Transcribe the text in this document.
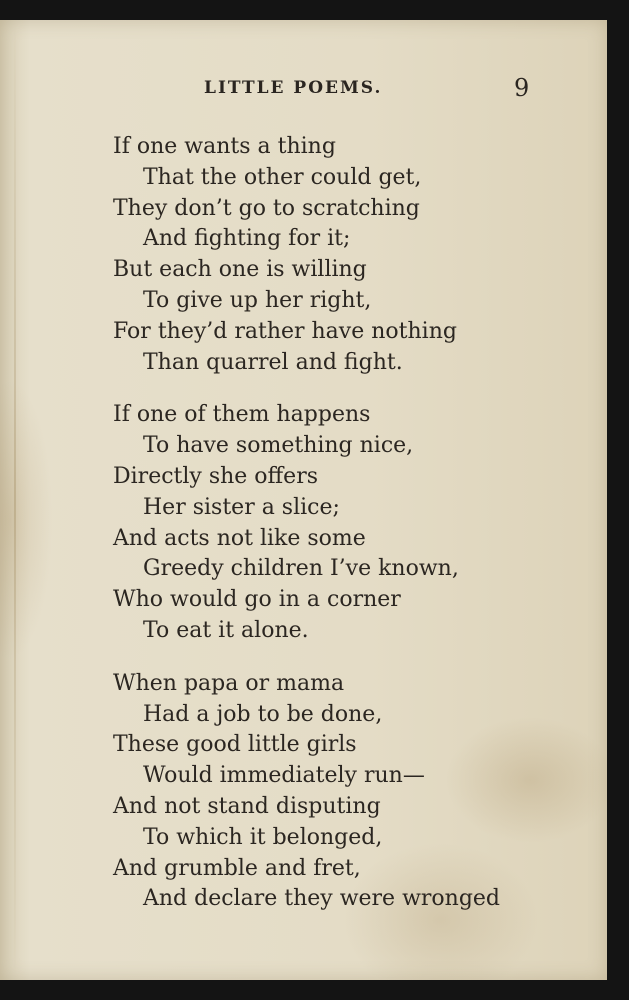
LITTLE POEMS.	9
If one wants a thing
That the other could get,
They don’t go to scratching
And fighting for it;
But each one is willing
To give up her right,
For they’d rather have nothing
Than quarrel and fight.
If one of them happens
To have something nice,
Directly she offers
Her sister a slice;
And acts not like some
Greedy children I’ve known,
Who would go in a corner
To eat it alone.
When papa or mama
Had a job to be done,
These good little girls
Would immediately run—
And not stand disputing
To which it belonged,
And grumble and fret,
And declare they were wronged
